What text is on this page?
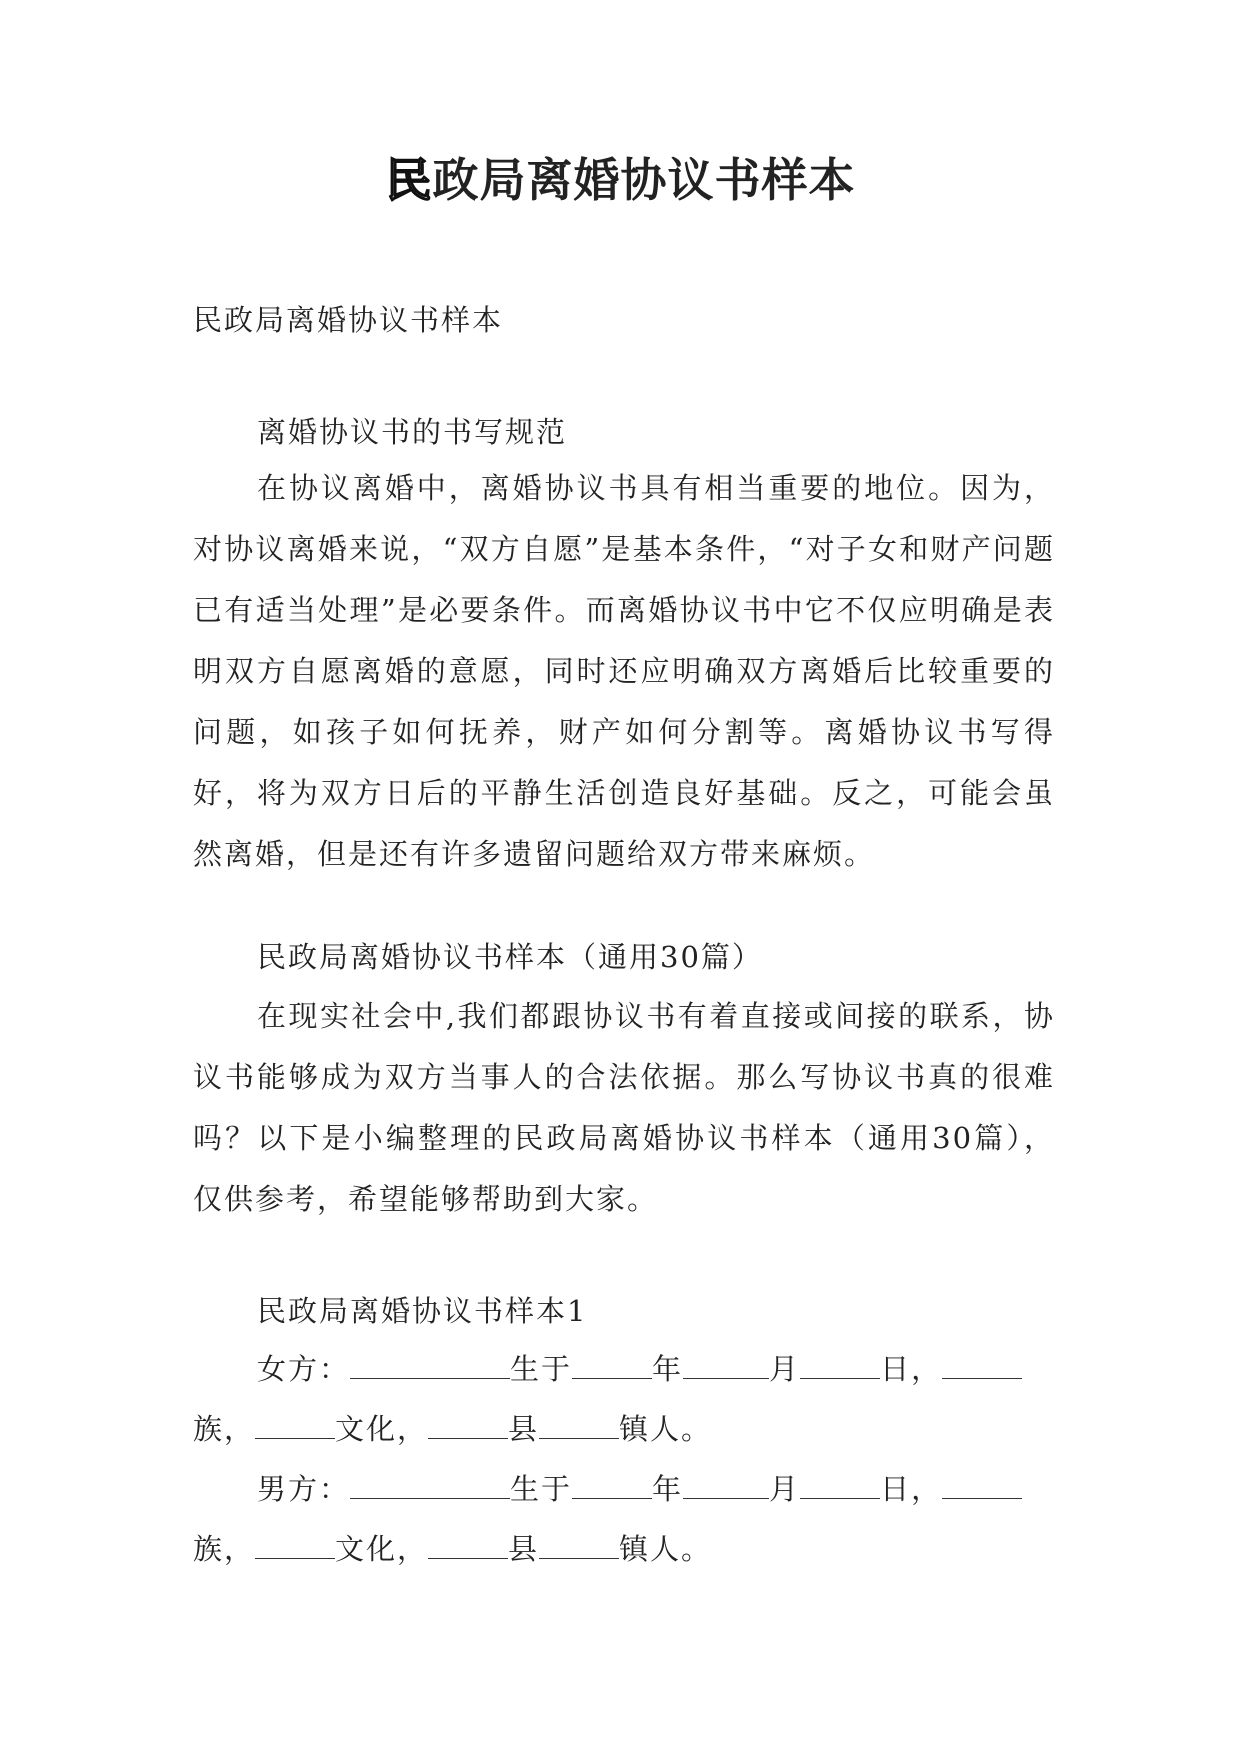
民政局离婚协议书样本

民政局离婚协议书样本

离婚协议书的书写规范

在协议离婚中，离婚协议书具有相当重要的地位。因为，对协议离婚来说，“双方自愿”是基本条件，“对子女和财产问题已有适当处理”是必要条件。而离婚协议书中它不仅应明确是表明双方自愿离婚的意愿，同时还应明确双方离婚后比较重要的问题，如孩子如何抚养，财产如何分割等。离婚协议书写得好，将为双方日后的平静生活创造良好基础。反之，可能会虽然离婚，但是还有许多遗留问题给双方带来麻烦。

民政局离婚协议书样本（通用30篇）

在现实社会中,我们都跟协议书有着直接或间接的联系，协议书能够成为双方当事人的合法依据。那么写协议书真的很难吗？以下是小编整理的民政局离婚协议书样本（通用30篇），仅供参考，希望能够帮助到大家。

民政局离婚协议书样本1

女方：	生于	年	月	日，

族，	文化，	县	镇人。

男方：	生于	年	月	日，

族，	文化，	县	镇人。
